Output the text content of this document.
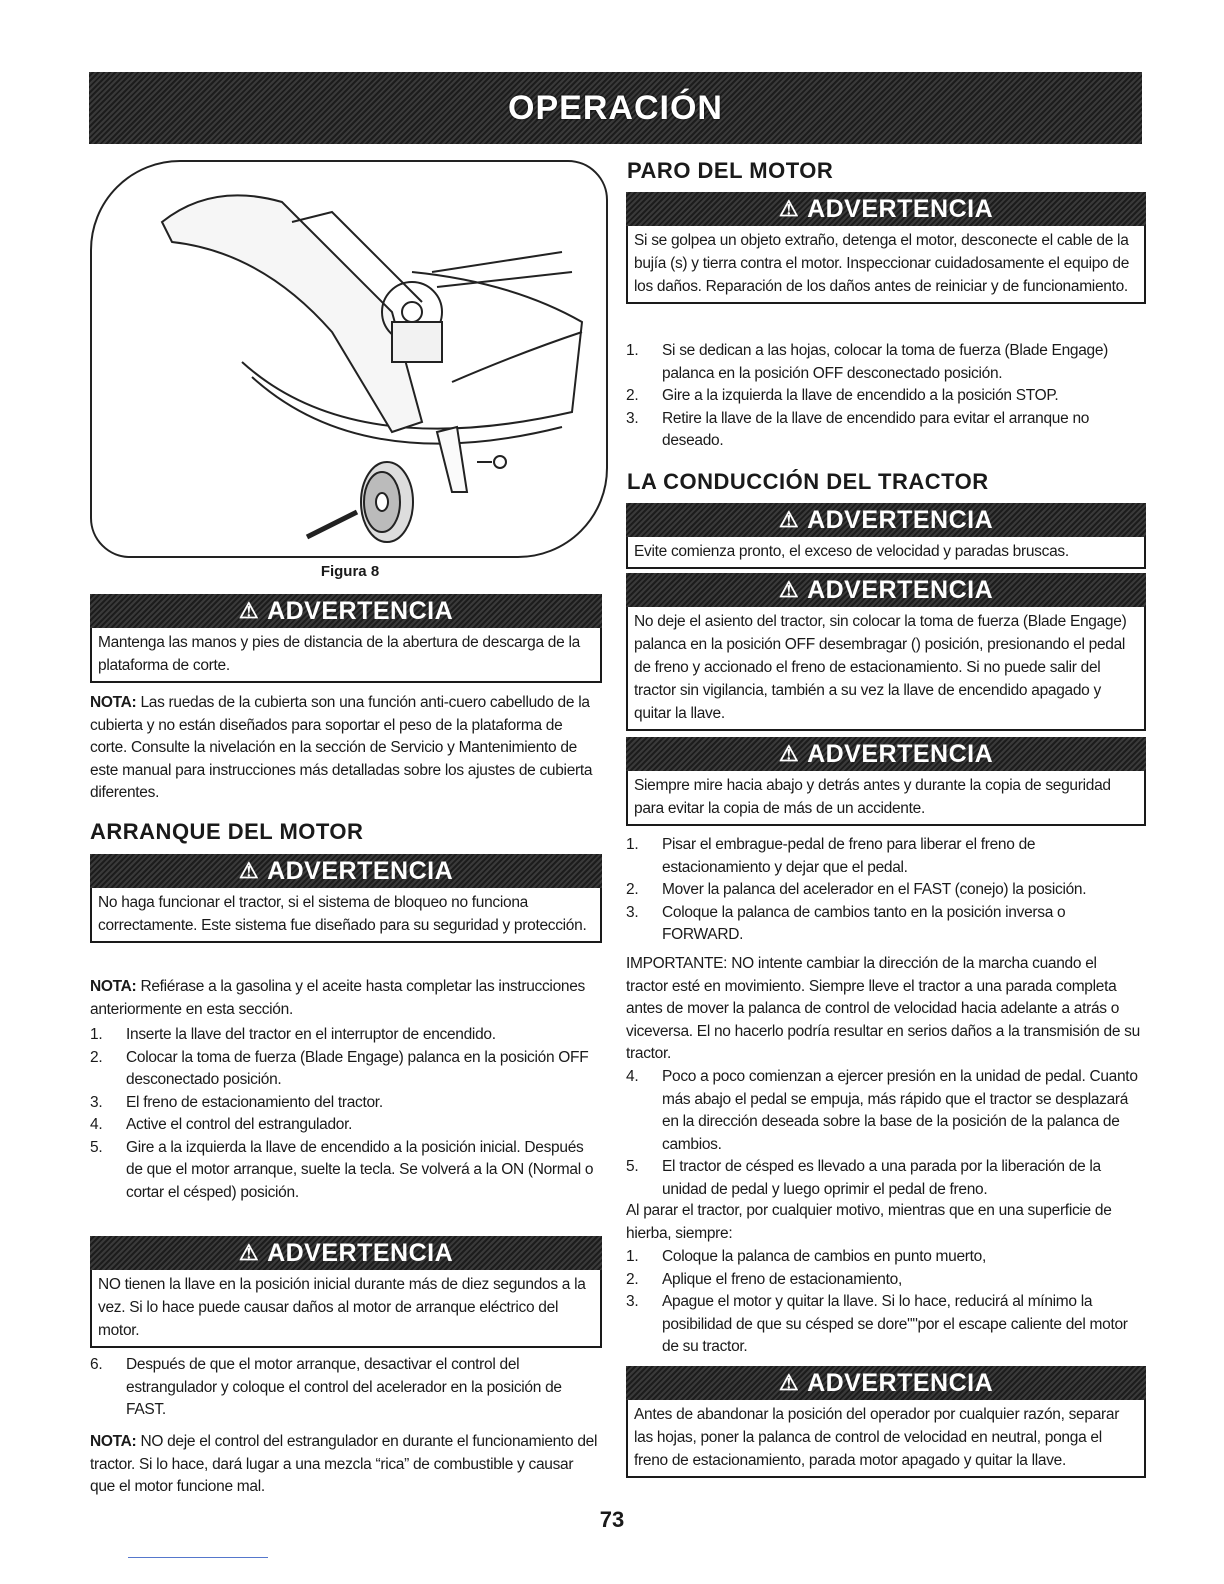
OPERACIÓN
Figura 8
⚠ ADVERTENCIA
Mantenga las manos y pies de distancia de la abertura de descarga de la plataforma de corte.
NOTA: Las ruedas de la cubierta son una función anti-cuero cabelludo de la cubierta y no están diseñados para soportar el peso de la plataforma de corte. Consulte la nivelación en la sección de Servicio y Mantenimiento de este manual para instrucciones más detalladas sobre los ajustes de cubierta diferentes.
ARRANQUE DEL MOTOR
⚠ ADVERTENCIA
No haga funcionar el tractor, si el sistema de bloqueo no funciona correctamente. Este sistema fue diseñado para su seguridad y protección.
NOTA: Refiérase a la gasolina y el aceite hasta completar las instrucciones anteriormente en esta sección.
1. Inserte la llave del tractor en el interruptor de encendido.
2. Colocar la toma de fuerza (Blade Engage) palanca en la posición OFF desconectado posición.
3. El freno de estacionamiento del tractor.
4. Active el control del estrangulador.
5. Gire a la izquierda la llave de encendido a la posición inicial. Después de que el motor arranque, suelte la tecla. Se volverá a la ON (Normal o cortar el césped) posición.
⚠ ADVERTENCIA
NO tienen la llave en la posición inicial durante más de diez segundos a la vez. Si lo hace puede causar daños al motor de arranque eléctrico del motor.
6. Después de que el motor arranque, desactivar el control del estrangulador y coloque el control del acelerador en la posición de FAST.
NOTA: NO deje el control del estrangulador en durante el funcionamiento del tractor. Si lo hace, dará lugar a una mezcla “rica” de combustible y causar que el motor funcione mal.
PARO DEL MOTOR
⚠ ADVERTENCIA
Si se golpea un objeto extraño, detenga el motor, desconecte el cable de la bujía (s) y tierra contra el motor. Inspeccionar cuidadosamente el equipo de los daños. Reparación de los daños antes de reiniciar y de funcionamiento.
1. Si se dedican a las hojas, colocar la toma de fuerza (Blade Engage) palanca en la posición OFF desconectado posición.
2. Gire a la izquierda la llave de encendido a la posición STOP.
3. Retire la llave de la llave de encendido para evitar el arranque no deseado.
LA CONDUCCIÓN DEL TRACTOR
⚠ ADVERTENCIA
Evite comienza pronto, el exceso de velocidad y paradas bruscas.
⚠ ADVERTENCIA
No deje el asiento del tractor, sin colocar la toma de fuerza (Blade Engage) palanca en la posición OFF desembragar () posición, presionando el pedal de freno y accionado el freno de estacionamiento. Si no puede salir del tractor sin vigilancia, también a su vez la llave de encendido apagado y quitar la llave.
⚠ ADVERTENCIA
Siempre mire hacia abajo y detrás antes y durante la copia de seguridad para evitar la copia de más de un accidente.
1. Pisar el embrague-pedal de freno para liberar el freno de estacionamiento y dejar que el pedal.
2. Mover la palanca del acelerador en el FAST (conejo) la posición.
3. Coloque la palanca de cambios tanto en la posición inversa o FORWARD.
IMPORTANTE: NO intente cambiar la dirección de la marcha cuando el tractor esté en movimiento. Siempre lleve el tractor a una parada completa antes de mover la palanca de control de velocidad hacia adelante a atrás o viceversa. El no hacerlo podría resultar en serios daños a la transmisión de su tractor.
4. Poco a poco comienzan a ejercer presión en la unidad de pedal. Cuanto más abajo el pedal se empuja, más rápido que el tractor se desplazará en la dirección deseada sobre la base de la posición de la palanca de cambios.
5. El tractor de césped es llevado a una parada por la liberación de la unidad de pedal y luego oprimir el pedal de freno.
Al parar el tractor, por cualquier motivo, mientras que en una superficie de hierba, siempre:
1. Coloque la palanca de cambios en punto muerto,
2. Aplique el freno de estacionamiento,
3. Apague el motor y quitar la llave. Si lo hace, reducirá al mínimo la posibilidad de que su césped se dore""por el escape caliente del motor de su tractor.
⚠ ADVERTENCIA
Antes de abandonar la posición del operador por cualquier razón, separar las hojas, poner la palanca de control de velocidad en neutral, ponga el freno de estacionamiento, parada motor apagado y quitar la llave.
73
